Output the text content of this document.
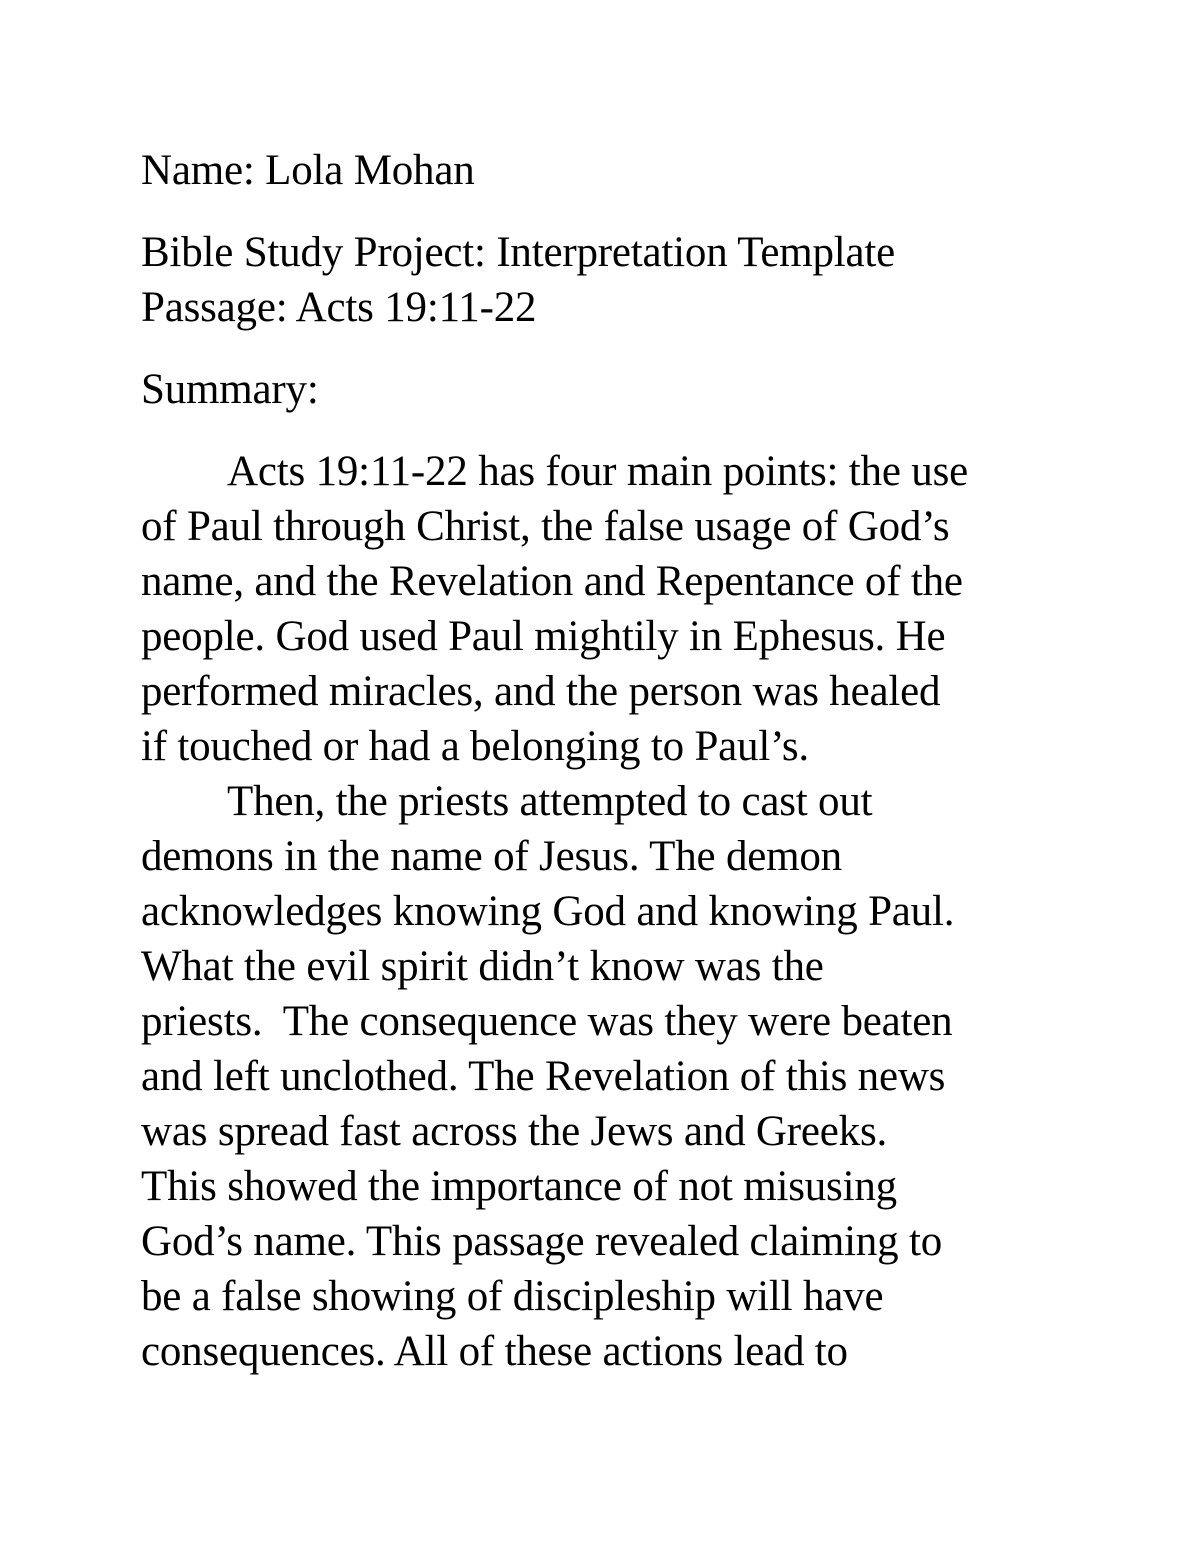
Name: Lola Mohan
Bible Study Project: Interpretation Template
Passage: Acts 19:11-22
Summary:
Acts 19:11-22 has four main points: the use
of Paul through Christ, the false usage of God’s
name, and the Revelation and Repentance of the
people. God used Paul mightily in Ephesus. He
performed miracles, and the person was healed
if touched or had a belonging to Paul’s.
Then, the priests attempted to cast out
demons in the name of Jesus. The demon
acknowledges knowing God and knowing Paul.
What the evil spirit didn’t know was the
priests.  The consequence was they were beaten
and left unclothed. The Revelation of this news
was spread fast across the Jews and Greeks.
This showed the importance of not misusing
God’s name. This passage revealed claiming to
be a false showing of discipleship will have
consequences. All of these actions lead to
